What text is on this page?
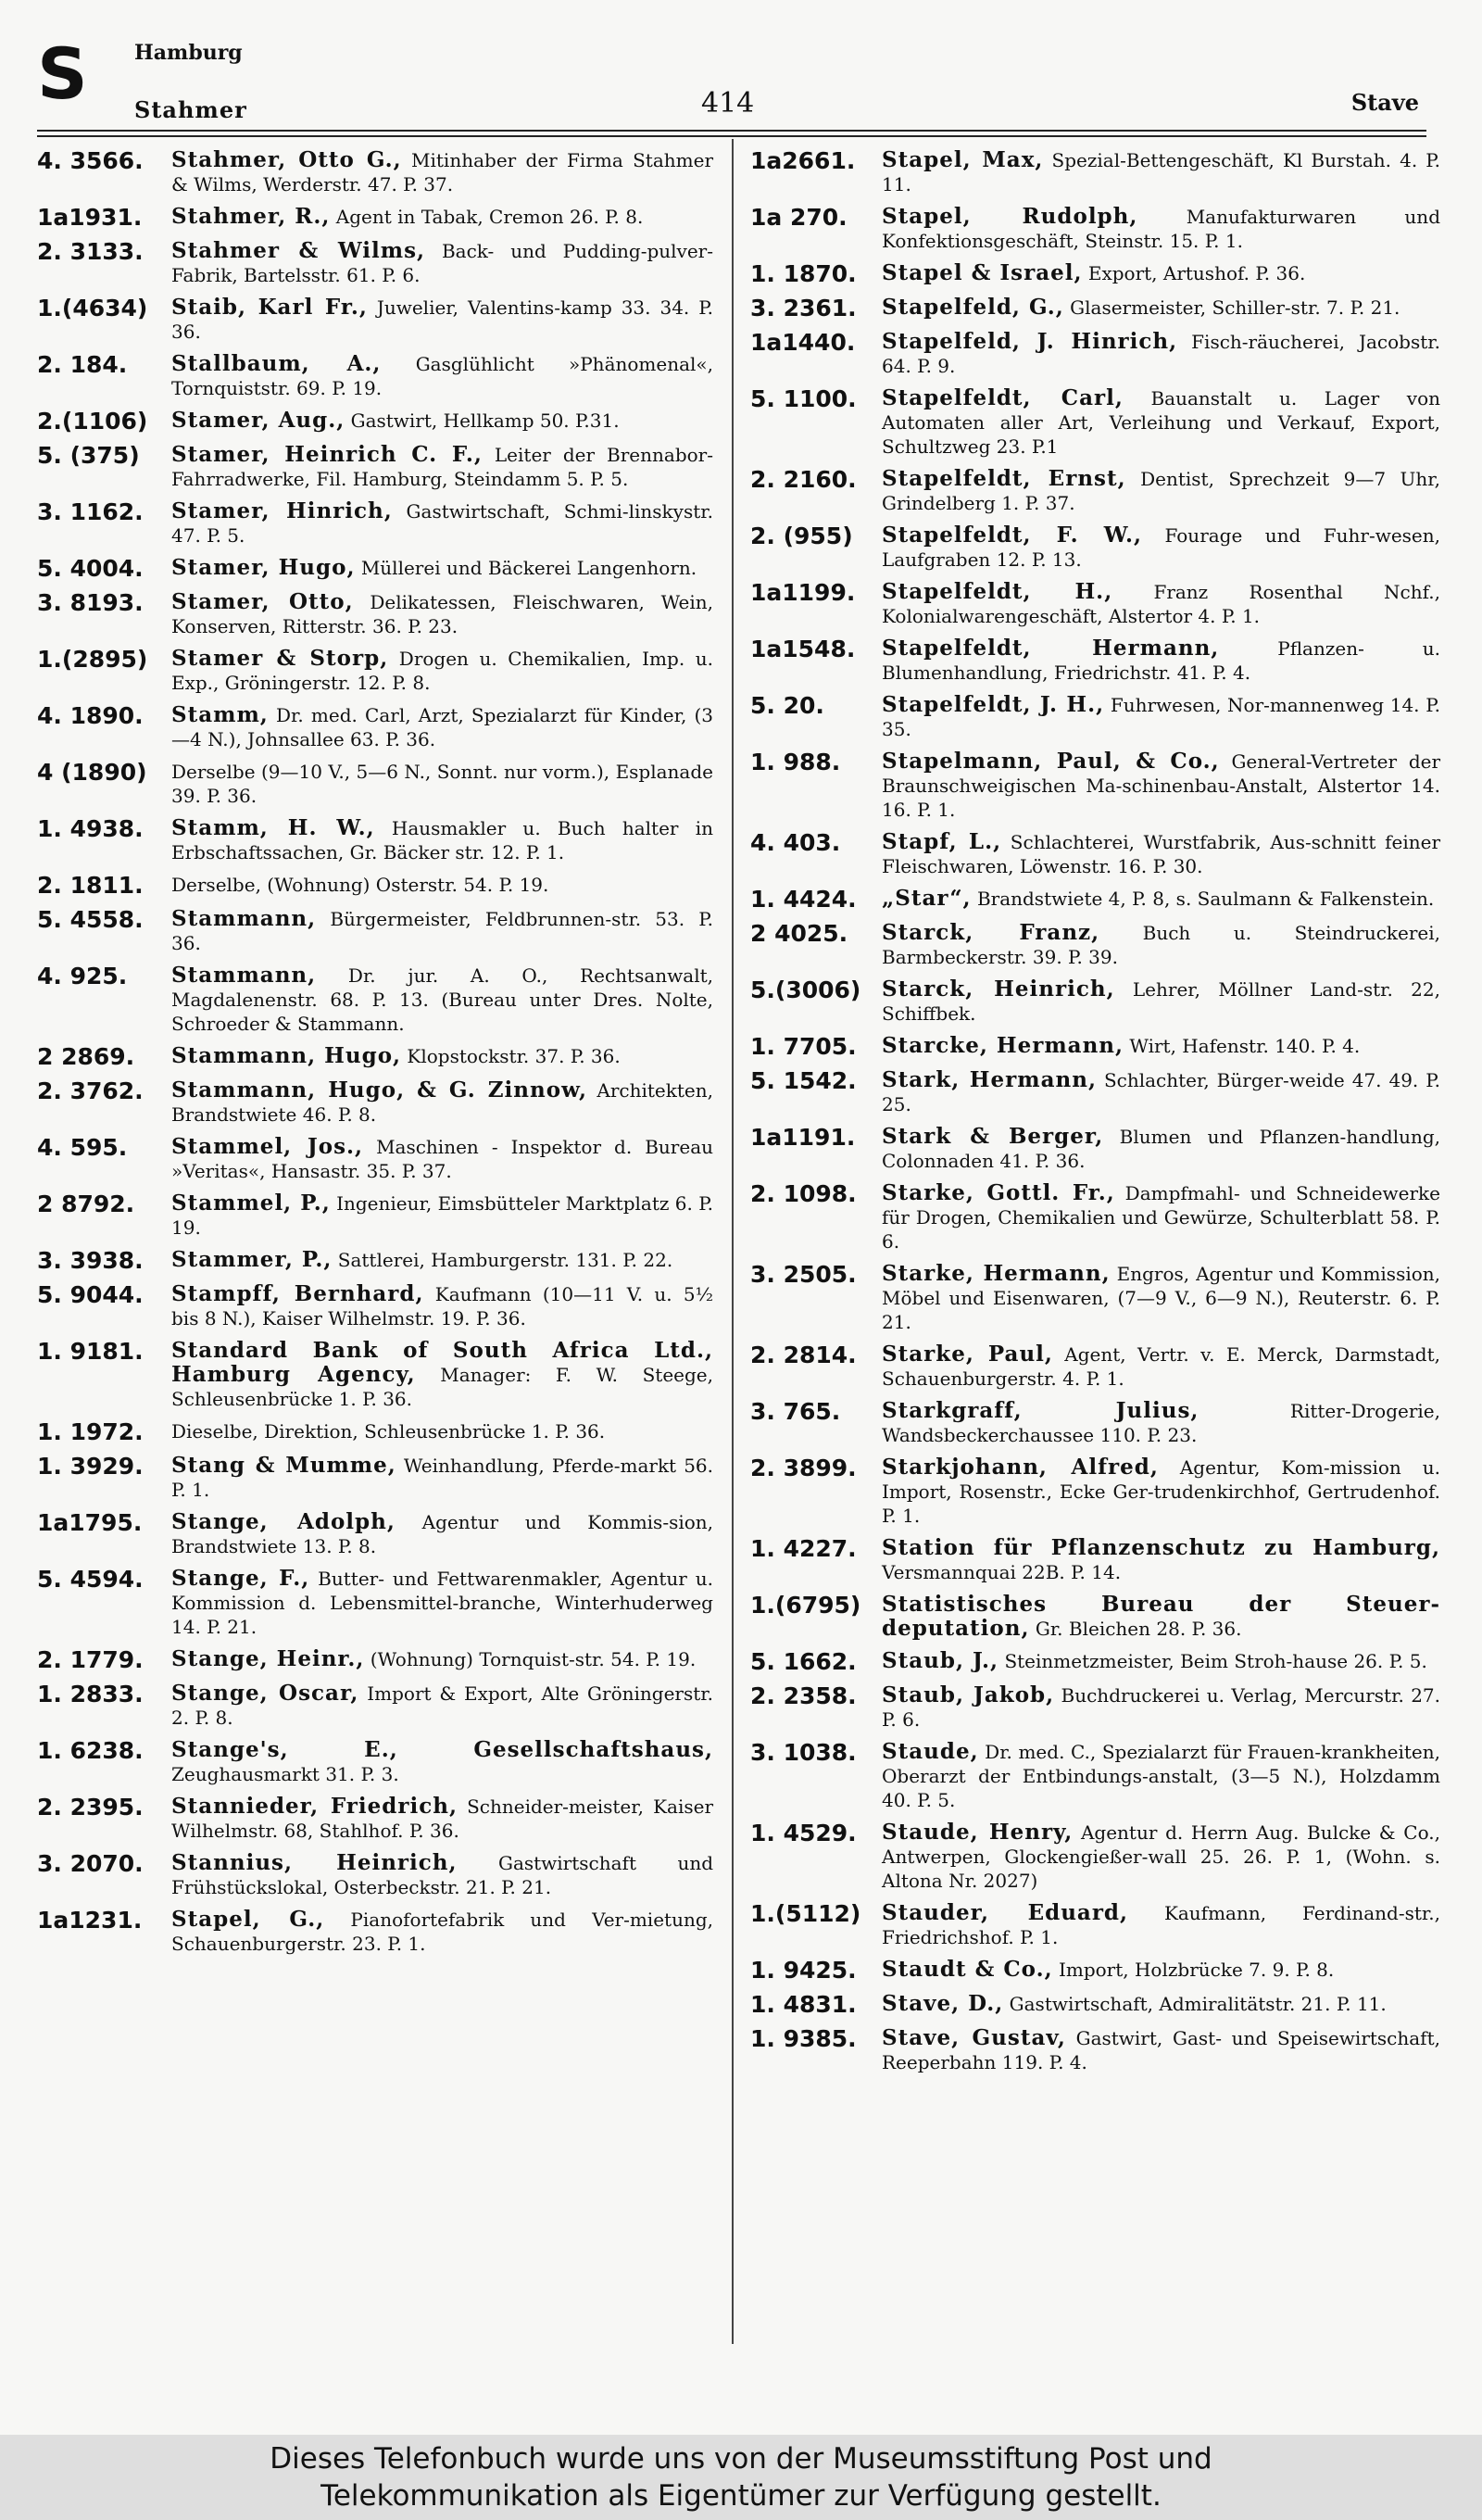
S Hamburg
Stahmer	414	Stave
4. 3566.	Stahmer, Otto G., Mitinhaber der Firma Stahmer & Wilms, Werderstr. 47. P. 37.
1a1931.	Stahmer, R., Agent in Tabak, Cremon 26. P. 8.
2. 3133.	Stahmer & Wilms, Back- und Pudding-pulver-Fabrik, Bartelsstr. 61. P. 6.
1.(4634)	Staib, Karl Fr., Juwelier, Valentins-kamp 33. 34. P. 36.
2. 184.	Stallbaum, A., Gasglühlicht »Phänomenal«, Tornquiststr. 69. P. 19.
2.(1106)	Stamer, Aug., Gastwirt, Hellkamp 50. P.31.
5. (375)	Stamer, Heinrich C. F., Leiter der Brennabor-Fahrradwerke, Fil. Hamburg, Steindamm 5. P. 5.
3. 1162.	Stamer, Hinrich, Gastwirtschaft, Schmi-linskystr. 47. P. 5.
5. 4004.	Stamer, Hugo, Müllerei und Bäckerei Langenhorn.
3. 8193.	Stamer, Otto, Delikatessen, Fleischwaren, Wein, Konserven, Ritterstr. 36. P. 23.
1.(2895)	Stamer & Storp, Drogen u. Chemikalien, Imp. u. Exp., Gröningerstr. 12. P. 8.
4. 1890.	Stamm, Dr. med. Carl, Arzt, Spezialarzt für Kinder, (3—4 N.), Johnsallee 63. P. 36.
4 (1890)	Derselbe (9—10 V., 5—6 N., Sonnt. nur vorm.), Esplanade 39. P. 36.
1. 4938.	Stamm, H. W., Hausmakler u. Buch halter in Erbschaftssachen, Gr. Bäcker str. 12. P. 1.
2. 1811.	Derselbe, (Wohnung) Osterstr. 54. P. 19.
5. 4558.	Stammann, Bürgermeister, Feldbrunnen-str. 53. P. 36.
4. 925.	Stammann, Dr. jur. A. O., Rechtsanwalt, Magdalenenstr. 68. P. 13. (Bureau unter Dres. Nolte, Schroeder & Stammann.
2 2869.	Stammann, Hugo, Klopstockstr. 37. P. 36.
2. 3762.	Stammann, Hugo, & G. Zinnow, Architekten, Brandstwiete 46. P. 8.
4. 595.	Stammel, Jos., Maschinen - Inspektor d. Bureau »Veritas«, Hansastr. 35. P. 37.
2 8792.	Stammel, P., Ingenieur, Eimsbütteler Marktplatz 6. P. 19.
3. 3938.	Stammer, P., Sattlerei, Hamburgerstr. 131. P. 22.
5. 9044.	Stampff, Bernhard, Kaufmann (10—11 V. u. 5½ bis 8 N.), Kaiser Wilhelmstr. 19. P. 36.
1. 9181.	Standard Bank of South Africa Ltd., Hamburg Agency, Manager: F. W. Steege, Schleusenbrücke 1. P. 36.
1. 1972.	Dieselbe, Direktion, Schleusenbrücke 1. P. 36.
1. 3929.	Stang & Mumme, Weinhandlung, Pferde-markt 56. P. 1.
1a1795.	Stange, Adolph, Agentur und Kommis-sion, Brandstwiete 13. P. 8.
5. 4594.	Stange, F., Butter- und Fettwarenmakler, Agentur u. Kommission d. Lebensmittel-branche, Winterhuderweg 14. P. 21.
2. 1779.	Stange, Heinr., (Wohnung) Tornquist-str. 54. P. 19.
1. 2833.	Stange, Oscar, Import & Export, Alte Gröningerstr. 2. P. 8.
1. 6238.	Stange's, E., Gesellschaftshaus, Zeughausmarkt 31. P. 3.
2. 2395.	Stannieder, Friedrich, Schneider-meister, Kaiser Wilhelmstr. 68, Stahlhof. P. 36.
3. 2070.	Stannius, Heinrich, Gastwirtschaft und Frühstückslokal, Osterbeckstr. 21. P. 21.
1a1231.	Stapel, G., Pianofortefabrik und Ver-mietung, Schauenburgerstr. 23. P. 1.
1a2661.	Stapel, Max, Spezial-Bettengeschäft, Kl Burstah. 4. P. 11.
1a 270.	Stapel, Rudolph,	Manufakturwaren und Konfektionsgeschäft, Steinstr. 15. P. 1.
1. 1870.	Stapel & Israel, Export, Artushof. P. 36.
3. 2361.	Stapelfeld, G., Glasermeister, Schiller-str. 7. P. 21.
1a1440.	Stapelfeld, J. Hinrich, Fisch-räucherei, Jacobstr. 64. P. 9.
5. 1100.	Stapelfeldt, Carl, Bauanstalt u. Lager von Automaten aller Art, Verleihung und Verkauf, Export, Schultzweg 23. P.1
2. 2160.	Stapelfeldt, Ernst, Dentist, Sprechzeit 9—7 Uhr, Grindelberg 1. P. 37.
2. (955)	Stapelfeldt, F. W., Fourage und Fuhr-wesen, Laufgraben 12. P. 13.
1a1199.	Stapelfeldt, H., Franz Rosenthal Nchf., Kolonialwarengeschäft, Alstertor 4. P. 1.
1a1548.	Stapelfeldt, Hermann,	Pflanzen- u. Blumenhandlung, Friedrichstr. 41. P. 4.
5. 20.	Stapelfeldt, J. H., Fuhrwesen, Nor-mannenweg 14. P. 35.
1. 988.	Stapelmann, Paul, & Co., General-Vertreter der Braunschweigischen Ma-schinenbau-Anstalt, Alstertor 14. 16. P. 1.
4. 403.	Stapf, L., Schlachterei, Wurstfabrik, Aus-schnitt feiner Fleischwaren, Löwenstr. 16. P. 30.
1. 4424.	„Star“, Brandstwiete 4, P. 8, s. Saulmann & Falkenstein.
2 4025.	Starck, Franz, Buch u. Steindruckerei, Barmbeckerstr. 39. P. 39.
5.(3006) Starck, Heinrich, Lehrer, Möllner Land-str. 22, Schiffbek.
1. 7705.	Starcke, Hermann, Wirt, Hafenstr. 140. P. 4.
5. 1542.	Stark, Hermann, Schlachter, Bürger-weide 47. 49. P. 25.
1a1191.	Stark & Berger, Blumen und Pflanzen-handlung, Colonnaden 41. P. 36.
2. 1098.	Starke, Gottl. Fr., Dampfmahl- und Schneidewerke für Drogen, Chemikalien und Gewürze, Schulterblatt 58. P. 6.
3. 2505.	Starke, Hermann, Engros, Agentur und Kommission, Möbel und Eisenwaren, (7—9 V., 6—9 N.), Reuterstr. 6. P. 21.
2. 2814.	Starke, Paul, Agent, Vertr. v. E. Merck, Darmstadt, Schauenburgerstr. 4. P. 1.
3. 765.	Starkgraff, Julius,	Ritter-Drogerie, Wandsbeckerchaussee 110. P. 23.
2. 3899.	Starkjohann, Alfred, Agentur, Kom-mission u. Import, Rosenstr., Ecke Ger-trudenkirchhof, Gertrudenhof. P. 1.
1. 4227.	Station für Pflanzenschutz zu Hamburg, Versmannquai 22B. P. 14.
1.(6795) Statistisches Bureau der Steuer-deputation, Gr. Bleichen 28. P. 36.
5. 1662.	Staub, J., Steinmetzmeister, Beim Stroh-hause 26. P. 5.
2. 2358.	Staub, Jakob, Buchdruckerei u. Verlag, Mercurstr. 27. P. 6.
3. 1038.	Staude, Dr. med. C., Spezialarzt für Frauen-krankheiten, Oberarzt der Entbindungs-anstalt, (3—5 N.), Holzdamm 40. P. 5.
1. 4529.	Staude, Henry, Agentur d. Herrn Aug. Bulcke & Co., Antwerpen, Glockengießer-wall 25. 26. P. 1, (Wohn. s. Altona Nr. 2027)
1.(5112) Stauder, Eduard, Kaufmann, Ferdinand-str., Friedrichshof. P. 1.
1. 9425.	Staudt & Co., Import, Holzbrücke 7. 9. P. 8.
1. 4831.	Stave, D., Gastwirtschaft, Admiralitätstr. 21. P. 11.
1. 9385.	Stave, Gustav, Gastwirt, Gast- und Speisewirtschaft, Reeperbahn 119. P. 4.
Dieses Telefonbuch wurde uns von der Museumsstiftung Post und
Telekommunikation als Eigentümer zur Verfügung gestellt.
